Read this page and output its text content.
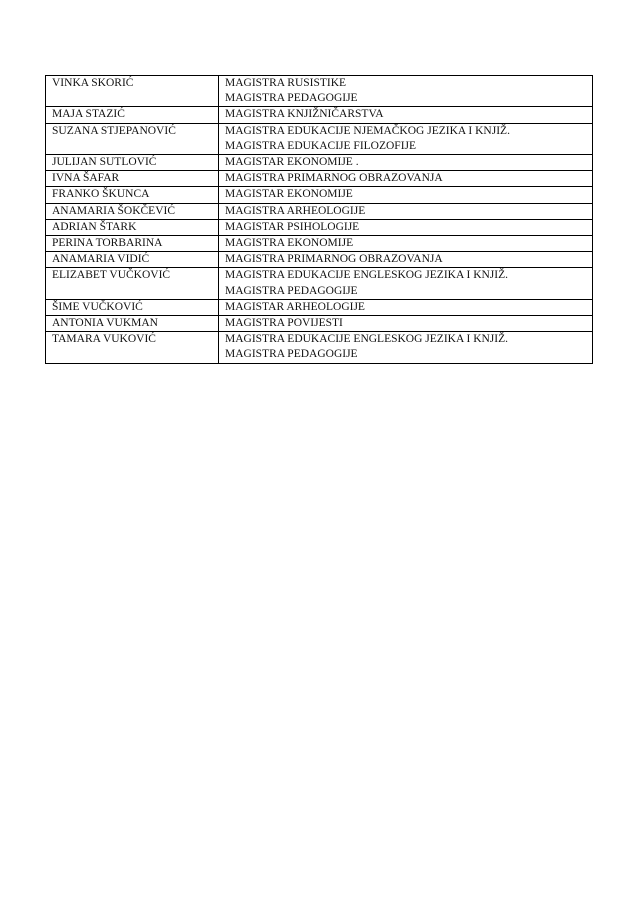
VINKA SKORIĆ	MAGISTRA RUSISTIKE
MAGISTRA PEDAGOGIJE

MAJA STAZIĆ	MAGISTRA KNJIŽNIČARSTVA

SUZANA STJEPANOVIĆ	MAGISTRA EDUKACIJE NJEMAČKOG JEZIKA I KNJIŽ.
MAGISTRA EDUKACIJE FILOZOFIJE

JULIJAN SUTLOVIĆ	MAGISTAR EKONOMIJE .

IVNA ŠAFAR	MAGISTRA PRIMARNOG OBRAZOVANJA

FRANKO ŠKUNCA	MAGISTAR EKONOMIJE

ANAMARIA ŠOKČEVIĆ	MAGISTRA ARHEOLOGIJE

ADRIAN ŠTARK	MAGISTAR PSIHOLOGIJE

PERINA TORBARINA	MAGISTRA EKONOMIJE

ANAMARIA VIDIĆ	MAGISTRA PRIMARNOG OBRAZOVANJA

ELIZABET VUČKOVIĆ	MAGISTRA EDUKACIJE ENGLESKOG JEZIKA I KNJIŽ.
MAGISTRA PEDAGOGIJE

ŠIME VUČKOVIĆ	MAGISTAR ARHEOLOGIJE

ANTONIA VUKMAN	MAGISTRA POVIJESTI

TAMARA VUKOVIĆ	MAGISTRA EDUKACIJE ENGLESKOG JEZIKA I KNJIŽ.
MAGISTRA PEDAGOGIJE
